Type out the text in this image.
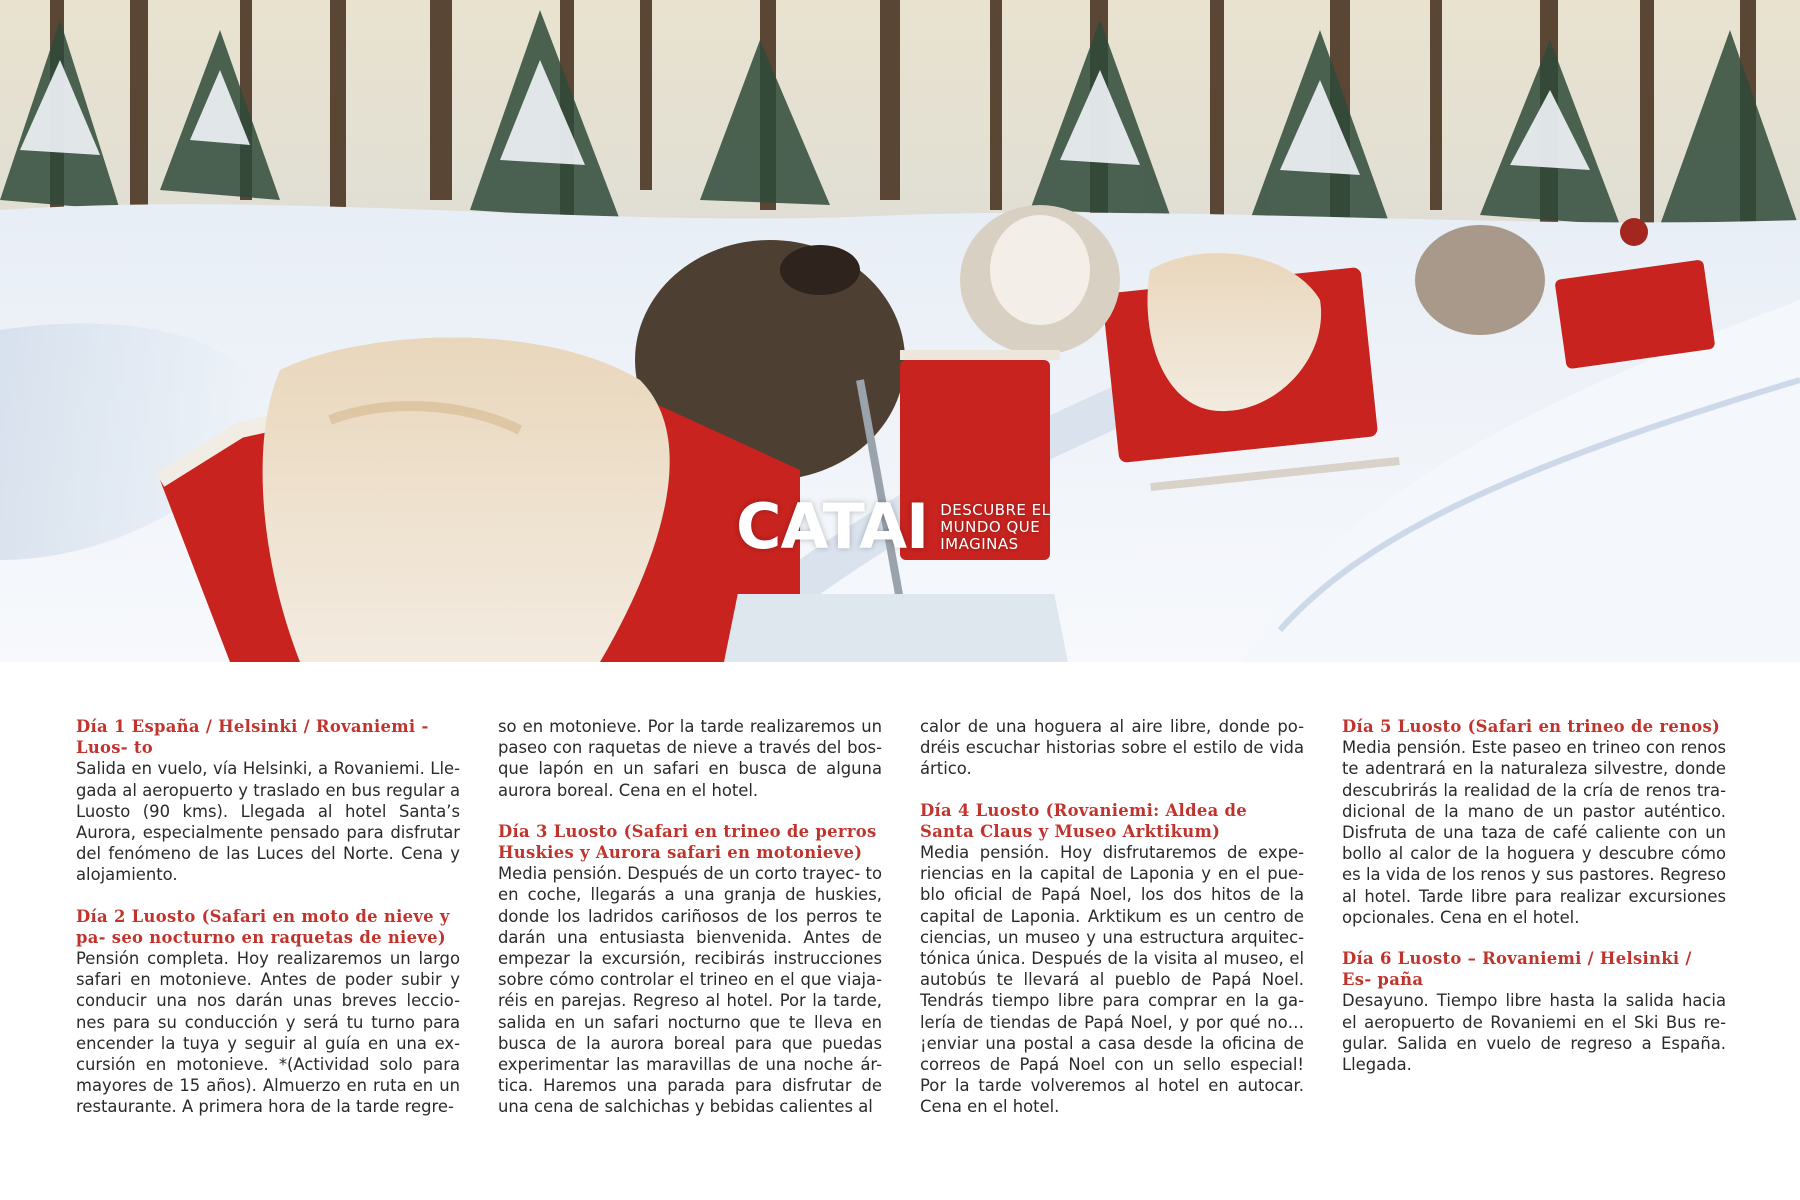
CATAI DESCUBRE EL
MUNDO QUE
IMAGINAS
Día 1 España / Helsinki / Rovaniemi - Luos- to

Salida en vuelo, vía Helsinki, a Rovaniemi. Lle- gada al aeropuerto y traslado en bus regular a Luosto (90 kms). Llegada al hotel Santa’s Aurora, especialmente pensado para disfrutar del fenómeno de las Luces del Norte. Cena y alojamiento.

Día 2 Luosto (Safari en moto de nieve y pa- seo nocturno en raquetas de nieve)

Pensión completa. Hoy realizaremos un largo safari en motonieve. Antes de poder subir y conducir una nos darán unas breves leccio- nes para su conducción y será tu turno para encender la tuya y seguir al guía en una ex- cursión en motonieve. *(Actividad solo para mayores de 15 años). Almuerzo en ruta en un restaurante. A primera hora de la tarde regre-

so en motonieve. Por la tarde realizaremos un paseo con raquetas de nieve a través del bos- que lapón en un safari en busca de alguna aurora boreal. Cena en el hotel.

Día 3 Luosto (Safari en trineo de perros Huskies y Aurora safari en motonieve)

Media pensión. Después de un corto trayec- to en coche, llegarás a una granja de huskies, donde los ladridos cariñosos de los perros te darán una entusiasta bienvenida. Antes de empezar la excursión, recibirás instrucciones sobre cómo controlar el trineo en el que viaja- réis en parejas. Regreso al hotel. Por la tarde, salida en un safari nocturno que te lleva en busca de la aurora boreal para que puedas experimentar las maravillas de una noche ár- tica. Haremos una parada para disfrutar de una cena de salchichas y bebidas calientes al

calor de una hoguera al aire libre, donde po- dréis escuchar historias sobre el estilo de vida ártico.

Día 4 Luosto (Rovaniemi: Aldea de Santa Claus y Museo Arktikum)

Media pensión. Hoy disfrutaremos de expe- riencias en la capital de Laponia y en el pue- blo oficial de Papá Noel, los dos hitos de la capital de Laponia. Arktikum es un centro de ciencias, un museo y una estructura arquitec- tónica única. Después de la visita al museo, el autobús te llevará al pueblo de Papá Noel. Tendrás tiempo libre para comprar en la ga- lería de tiendas de Papá Noel, y por qué no… ¡enviar una postal a casa desde la oficina de correos de Papá Noel con un sello especial! Por la tarde volveremos al hotel en autocar. Cena en el hotel.

Día 5 Luosto (Safari en trineo de renos)

Media pensión. Este paseo en trineo con renos te adentrará en la naturaleza silvestre, donde descubrirás la realidad de la cría de renos tra- dicional de la mano de un pastor auténtico. Disfruta de una taza de café caliente con un bollo al calor de la hoguera y descubre cómo es la vida de los renos y sus pastores. Regreso al hotel. Tarde libre para realizar excursiones opcionales. Cena en el hotel.

Día 6 Luosto – Rovaniemi / Helsinki / Es- paña

Desayuno. Tiempo libre hasta la salida hacia el aeropuerto de Rovaniemi en el Ski Bus re- gular. Salida en vuelo de regreso a España. Llegada.
